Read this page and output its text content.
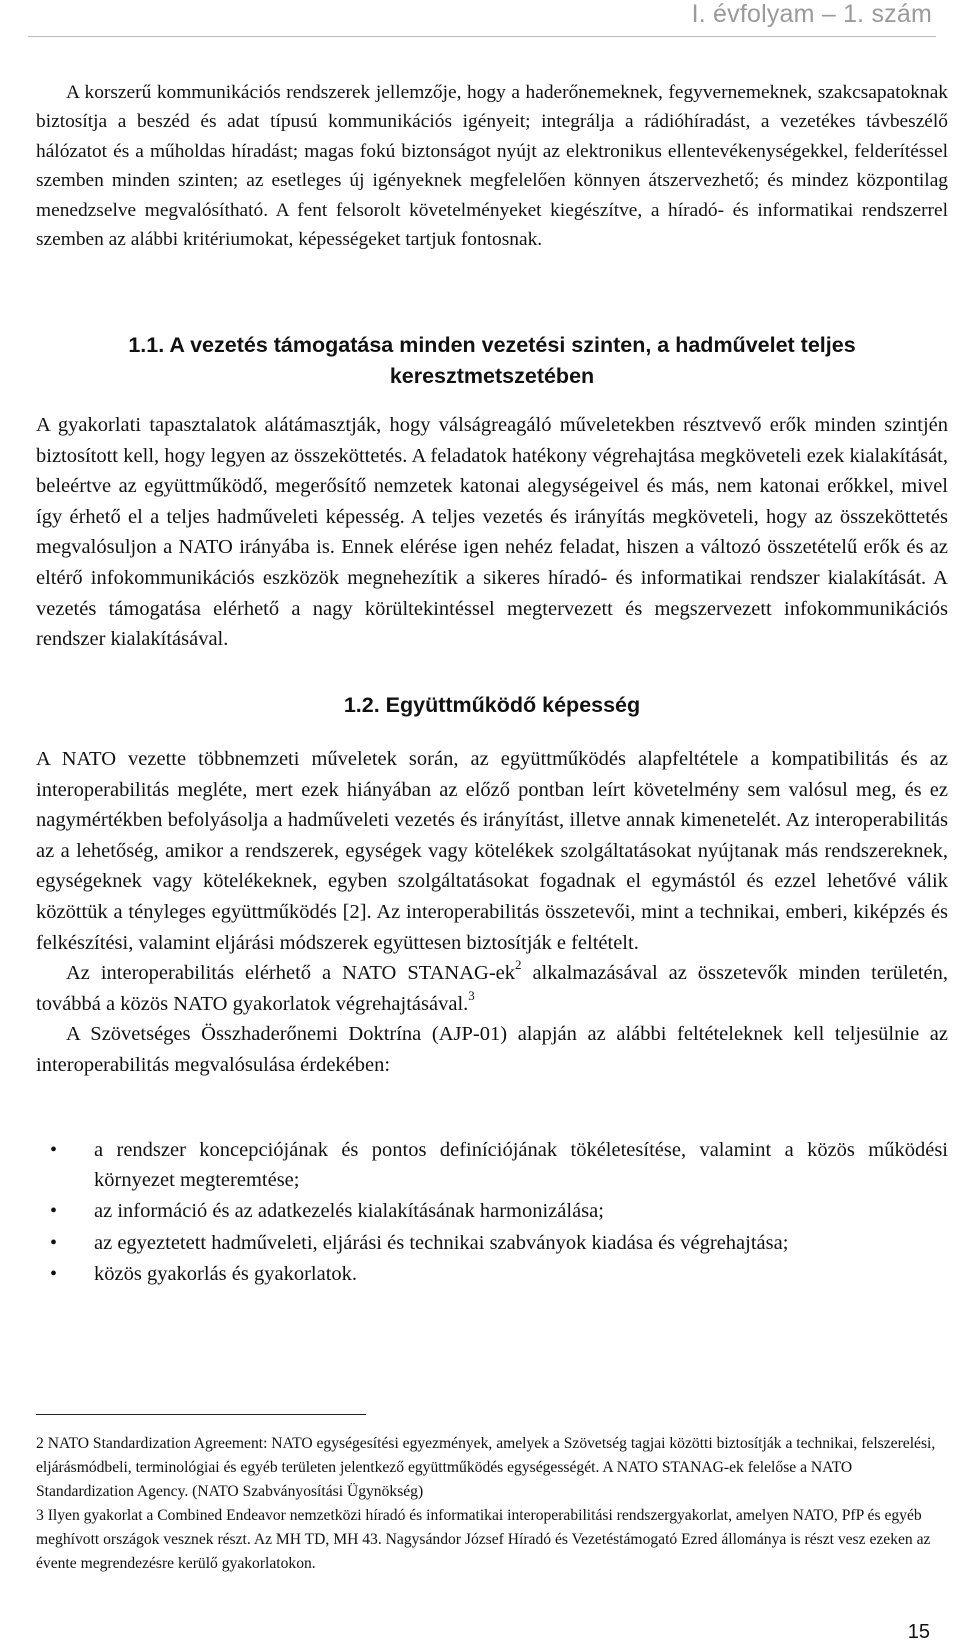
I. évfolyam – 1. szám

A korszerű kommunikációs rendszerek jellemzője, hogy a haderőnemeknek, fegyvernemeknek, szakcsapatoknak biztosítja a beszéd és adat típusú kommunikációs igényeit; integrálja a rádióhíradást, a vezetékes távbeszélő hálózatot és a műholdas híradást; magas fokú biztonságot nyújt az elektronikus ellentevékenységekkel, felderítéssel szemben minden szinten; az esetleges új igényeknek megfelelően könnyen átszervezhető; és mindez központilag menedzselve megvalósítható. A fent felsorolt követelményeket kiegészítve, a híradó- és informatikai rendszerrel szemben az alábbi kritériumokat, képességeket tartjuk fontosnak.

1.1. A vezetés támogatása minden vezetési szinten, a hadművelet teljes
keresztmetszetében

A gyakorlati tapasztalatok alátámasztják, hogy válságreagáló műveletekben résztvevő erők minden szintjén biztosított kell, hogy legyen az összeköttetés. A feladatok hatékony végrehajtása megköveteli ezek kialakítását, beleértve az együttműködő, megerősítő nemzetek katonai alegységeivel és más, nem katonai erőkkel, mivel így érhető el a teljes hadműveleti képesség. A teljes vezetés és irányítás megköveteli, hogy az összeköttetés megvalósuljon a NATO irányába is. Ennek elérése igen nehéz feladat, hiszen a változó összetételű erők és az eltérő infokommunikációs eszközök megnehezítik a sikeres híradó- és informatikai rendszer kialakítását. A vezetés támogatása elérhető a nagy körültekintéssel megtervezett és megszervezett infokommunikációs rendszer kialakításával.

1.2. Együttműködő képesség

A NATO vezette többnemzeti műveletek során, az együttműködés alapfeltétele a kompatibilitás és az interoperabilitás megléte, mert ezek hiányában az előző pontban leírt követelmény sem valósul meg, és ez nagymértékben befolyásolja a hadműveleti vezetés és irányítást, illetve annak kimenetelét. Az interoperabilitás az a lehetőség, amikor a rendszerek, egységek vagy kötelékek szolgáltatásokat nyújtanak más rendszereknek, egységeknek vagy kötelékeknek, egyben szolgáltatásokat fogadnak el egymástól és ezzel lehetővé válik közöttük a tényleges együttműködés [2]. Az interoperabilitás összetevői, mint a technikai, emberi, kiképzés és felkészítési, valamint eljárási módszerek együttesen biztosítják e feltételt.

Az interoperabilitás elérhető a NATO STANAG-$ek^2$ alkalmazásával az összetevők minden területén, továbbá a közös NATO gyakorlatok végrehajtásával.$^3$

A Szövetséges Összhaderőnemi Doktrína (AJP-01) alapján az alábbi feltételeknek kell teljesülnie az interoperabilitás megvalósulása érdekében:

• a rendszer koncepciójának és pontos definíciójának tökéletesítése, valamint a közös működési környezet megteremtése;
• az információ és az adatkezelés kialakításának harmonizálása;
• az egyeztetett hadműveleti, eljárási és technikai szabványok kiadása és végrehajtása;
• közös gyakorlás és gyakorlatok.

2 NATO Standardization Agreement: NATO egységesítési egyezmények, amelyek a Szövetség tagjai közötti biztosítják a technikai, felszerelési, eljárásmódbeli, terminológiai és egyéb területen jelentkező együttműködés egységességét. A NATO STANAG-ek felelőse a NATO Standardization Agency. (NATO Szabványosítási Ügynökség)

3 Ilyen gyakorlat a Combined Endeavor nemzetközi híradó és informatikai interoperabilitási rendszergyakorlat, amelyen NATO, PfP és egyéb meghívott országok vesznek részt. Az MH TD, MH 43. Nagysándor József Híradó és Vezetéstámogató Ezred állománya is részt vesz ezeken az évente megrendezésre kerülő gyakorlatokon.

15
